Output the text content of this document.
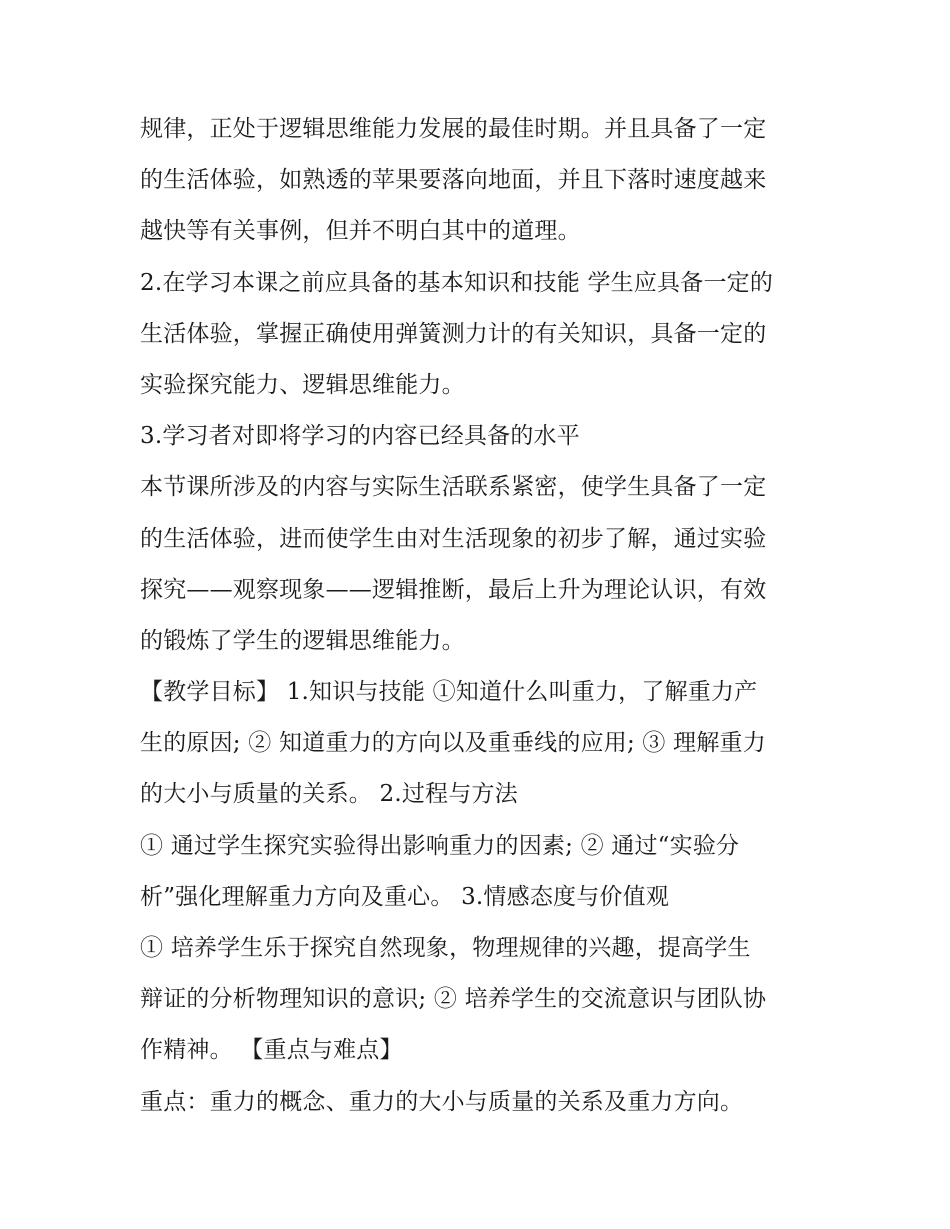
规律，正处于逻辑思维能力发展的最佳时期。并且具备了一定
的生活体验，如熟透的苹果要落向地面，并且下落时速度越来
越快等有关事例，但并不明白其中的道理。
2.在学习本课之前应具备的基本知识和技能 学生应具备一定的
生活体验，掌握正确使用弹簧测力计的有关知识，具备一定的
实验探究能力、逻辑思维能力。
3.学习者对即将学习的内容已经具备的水平
本节课所涉及的内容与实际生活联系紧密，使学生具备了一定
的生活体验，进而使学生由对生活现象的初步了解，通过实验
探究——观察现象——逻辑推断，最后上升为理论认识，有效
的锻炼了学生的逻辑思维能力。
【教学目标】 1.知识与技能 ①知道什么叫重力，了解重力产
生的原因; ② 知道重力的方向以及重垂线的应用; ③ 理解重力
的大小与质量的关系。 2.过程与方法
① 通过学生探究实验得出影响重力的因素; ② 通过“实验分
析”强化理解重力方向及重心。 3.情感态度与价值观
① 培养学生乐于探究自然现象，物理规律的兴趣，提高学生
辩证的分析物理知识的意识; ② 培养学生的交流意识与团队协
作精神。 【重点与难点】
重点：重力的概念、重力的大小与质量的关系及重力方向。
